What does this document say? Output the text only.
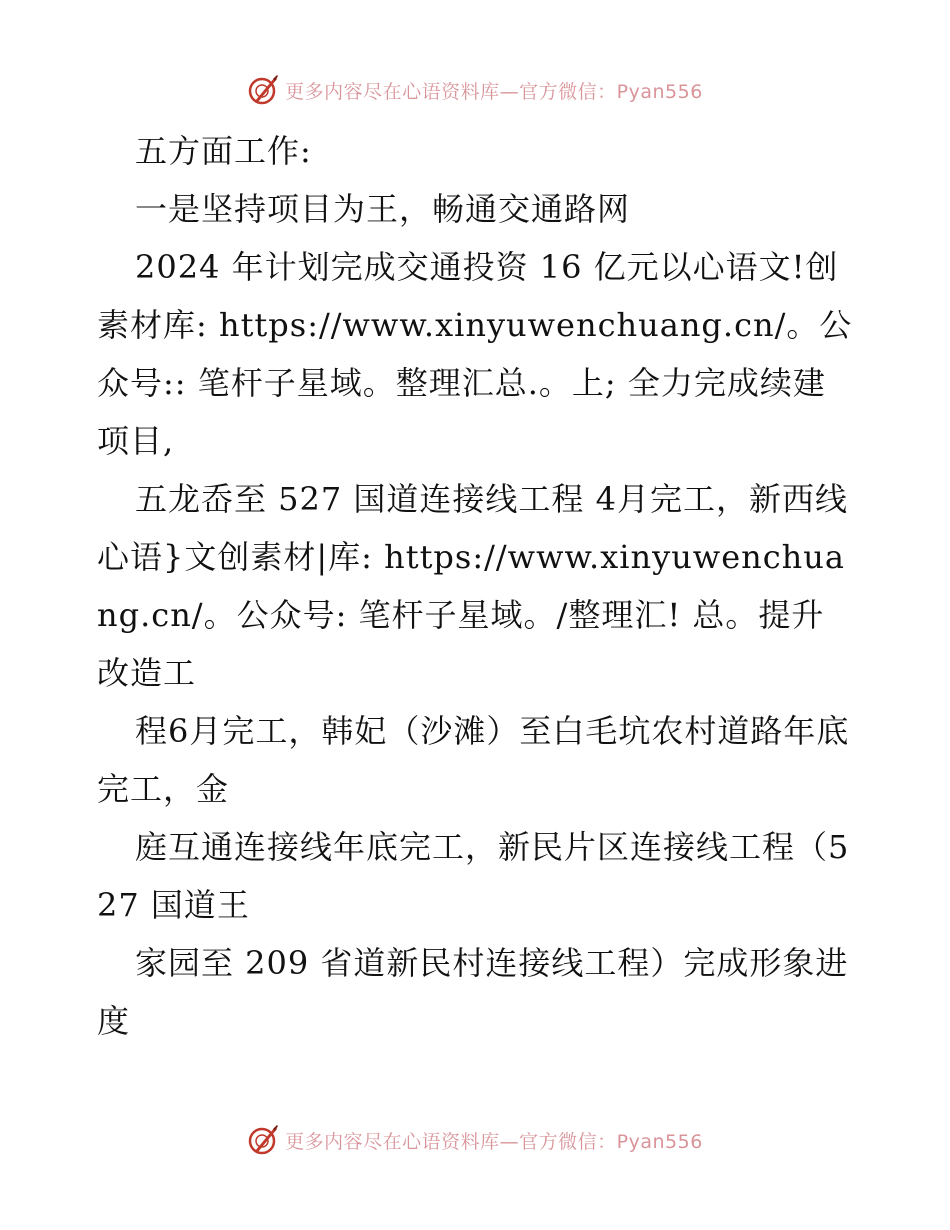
更多内容尽在心语资料库—官方微信：Pyan556

五方面工作:

一是坚持项目为王，畅通交通路网

2024 年计划完成交通投资 16 亿元以心语文!创素材库: https://www.xinyuwenchuang.cn/。公众号:: 笔杆子星域。整理汇总.。上; 全力完成续建项目,

五龙岙至 527 国道连接线工程 4月完工，新西线心语}文创素材|库: https://www.xinyuwenchuang.cn/。公众号: 笔杆子星域。/整理汇! 总。提升改造工

程6月完工，韩妃（沙滩）至白毛坑农村道路年底完工，金

庭互通连接线年底完工，新民片区连接线工程（527 国道王

家园至 209 省道新民村连接线工程）完成形象进度

更多内容尽在心语资料库—官方微信：Pyan556
